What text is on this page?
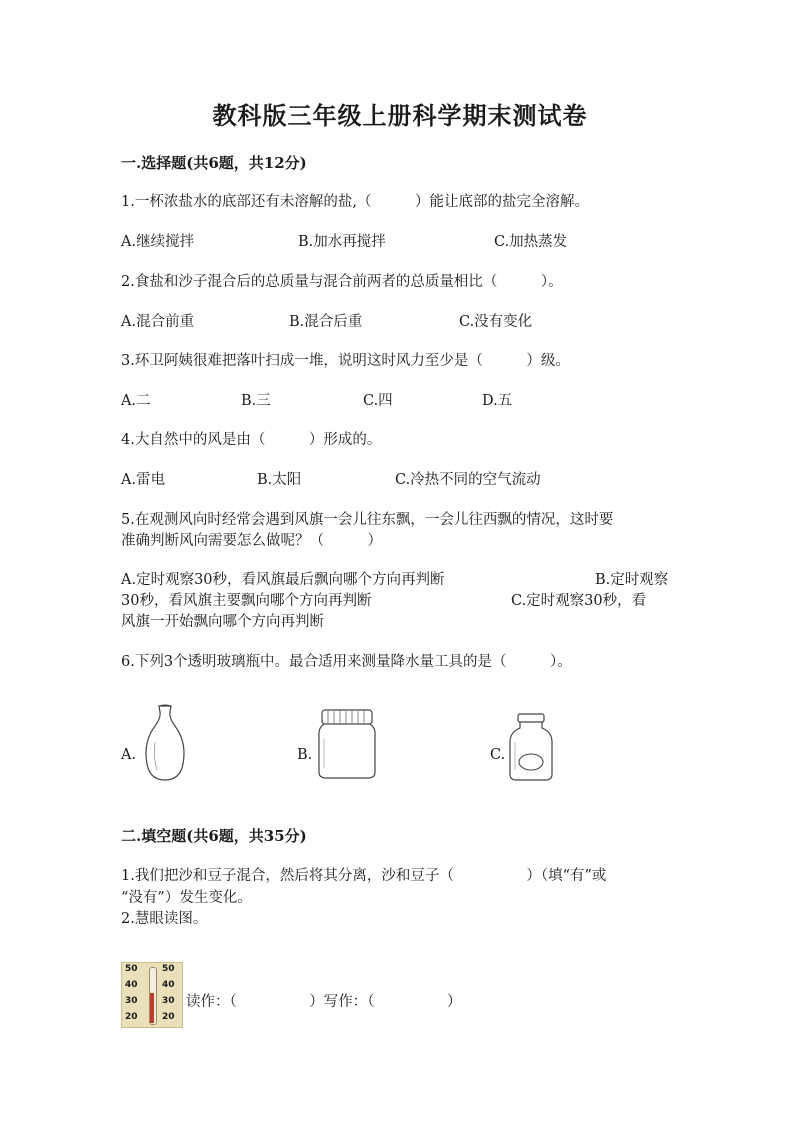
教科版三年级上册科学期末测试卷
一.选择题(共6题，共12分)
1.一杯浓盐水的底部还有未溶解的盐,（　　　）能让底部的盐完全溶解。
A.继续搅拌	B.加水再搅拌	C.加热蒸发
2.食盐和沙子混合后的总质量与混合前两者的总质量相比（　　　）。
A.混合前重	B.混合后重	C.没有变化
3.环卫阿姨很难把落叶扫成一堆，说明这时风力至少是（　　　）级。
A.二	B.三	C.四	D.五
4.大自然中的风是由（　　　）形成的。
A.雷电	B.太阳	C.冷热不同的空气流动
5.在观测风向时经常会遇到风旗一会儿往东飘，一会儿往西飘的情况，这时要
准确判断风向需要怎么做呢？（　　　）
A.定时观察30秒，看风旗最后飘向哪个方向再判断	B.定时观察
30秒，看风旗主要飘向哪个方向再判断	C.定时观察30秒，看
风旗一开始飘向哪个方向再判断
6.下列3个透明玻璃瓶中。最合适用来测量降水量工具的是（　　　）。
A.	B.	C.
二.填空题(共6题，共35分)
1.我们把沙和豆子混合，然后将其分离，沙和豆子（　　　　　）（填“有”或
“没有”）发生变化。
2.慧眼读图。
50
40
30
20
50
40
30
20
读作：（　　　　　）写作：（　　　　　）
